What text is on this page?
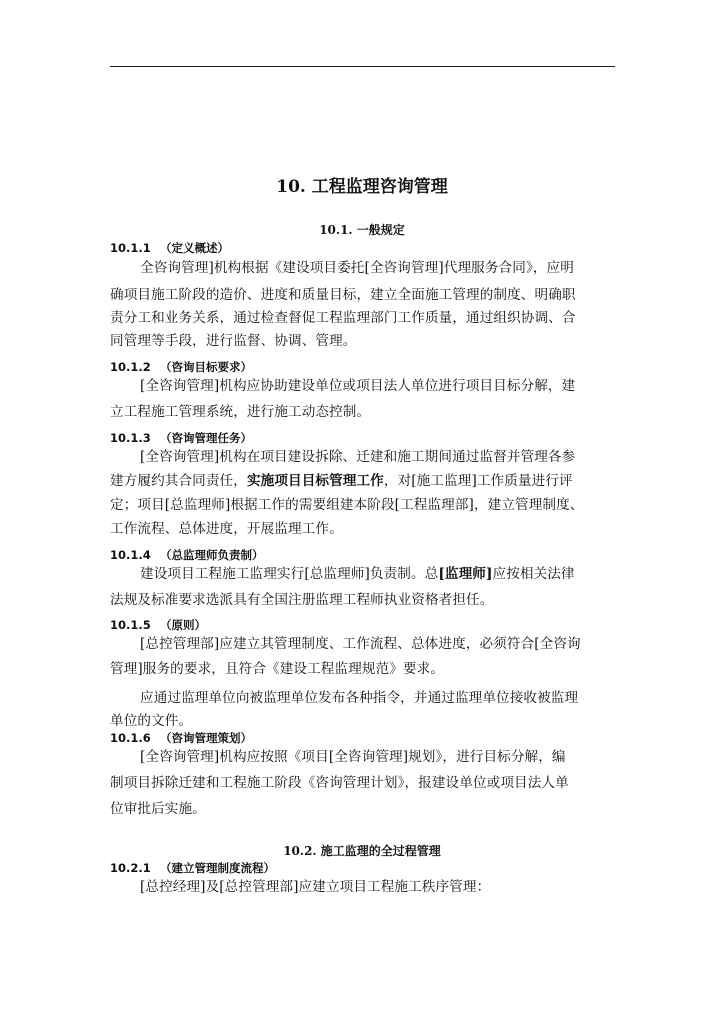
10. 工程监理咨询管理
10.1. 一般规定
10.1.1 （定义概述）
全咨询管理]机构根据《建设项目委托[全咨询管理]代理服务合同》，应明
确项目施工阶段的造价、进度和质量目标，建立全面施工管理的制度、明确职
责分工和业务关系，通过检查督促工程监理部门工作质量，通过组织协调、合
同管理等手段，进行监督、协调、管理。
10.1.2 （咨询目标要求）
[全咨询管理]机构应协助建设单位或项目法人单位进行项目目标分解，建
立工程施工管理系统，进行施工动态控制。
10.1.3 （咨询管理任务）
[全咨询管理]机构在项目建设拆除、迁建和施工期间通过监督并管理各参
建方履约其合同责任，实施项目目标管理工作，对[施工监理]工作质量进行评
定；项目[总监理师]根据工作的需要组建本阶段[工程监理部]，建立管理制度、
工作流程、总体进度，开展监理工作。
10.1.4 （总监理师负责制）
建设项目工程施工监理实行[总监理师]负责制。总[监理师]应按相关法律
法规及标准要求选派具有全国注册监理工程师执业资格者担任。
10.1.5 （原则）
[总控管理部]应建立其管理制度、工作流程、总体进度，必须符合[全咨询
管理]服务的要求，且符合《建设工程监理规范》要求。
应通过监理单位向被监理单位发布各种指令，并通过监理单位接收被监理
单位的文件。
10.1.6 （咨询管理策划）
[全咨询管理]机构应按照《项目[全咨询管理]规划》，进行目标分解，编
制项目拆除迁建和工程施工阶段《咨询管理计划》，报建设单位或项目法人单
位审批后实施。
10.2. 施工监理的全过程管理
10.2.1 （建立管理制度流程）
[总控经理]及[总控管理部]应建立项目工程施工秩序管理：
